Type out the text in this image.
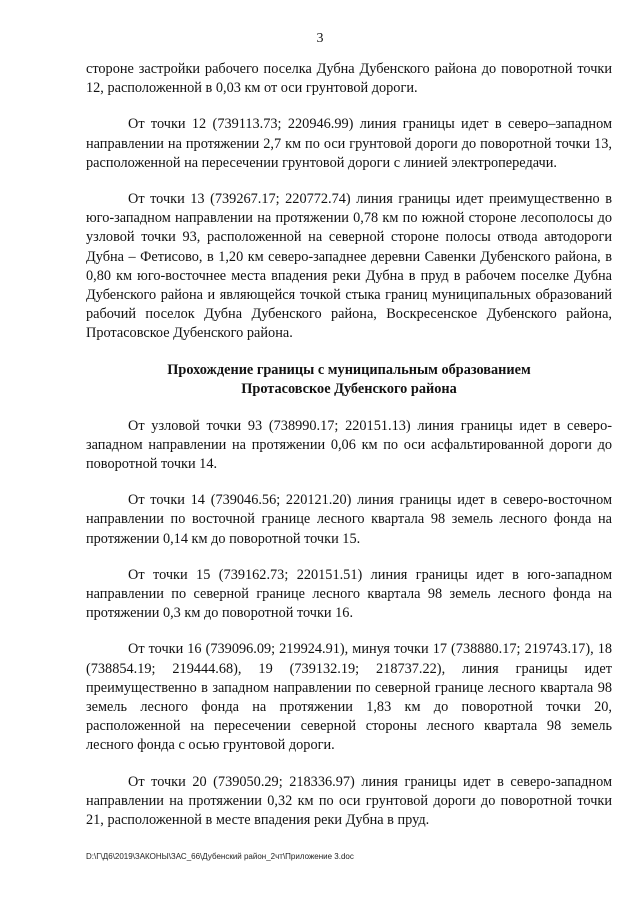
3

стороне застройки рабочего поселка Дубна Дубенского района до поворотной точки 12, расположенной в 0,03 км от оси грунтовой дороги.

От точки 12 (739113.73; 220946.99) линия границы идет в северо–западном направлении на протяжении 2,7 км по оси грунтовой дороги до поворотной точки 13, расположенной на пересечении грунтовой дороги с линией электропередачи.

От точки 13 (739267.17; 220772.74) линия границы идет преимущественно в юго-западном направлении на протяжении 0,78 км по южной стороне лесополосы до узловой точки 93, расположенной на северной стороне полосы отвода автодороги Дубна – Фетисово, в 1,20 км северо-западнее деревни Савенки Дубенского района, в 0,80 км юго-восточнее места впадения реки Дубна в пруд в рабочем поселке Дубна Дубенского района и являющейся точкой стыка границ муниципальных образований рабочий поселок Дубна Дубенского района, Воскресенское Дубенского района, Протасовское Дубенского района.

Прохождение границы с муниципальным образованием
Протасовское Дубенского района

От узловой точки 93 (738990.17; 220151.13) линия границы идет в северо-западном направлении на протяжении 0,06 км по оси асфальтированной дороги до поворотной точки 14.

От точки 14 (739046.56; 220121.20) линия границы идет в северо-восточном направлении по восточной границе лесного квартала 98 земель лесного фонда на протяжении 0,14 км до поворотной точки 15.

От точки 15 (739162.73; 220151.51) линия границы идет в юго-западном направлении по северной границе лесного квартала 98 земель лесного фонда на протяжении 0,3 км до поворотной точки 16.

От точки 16 (739096.09; 219924.91), минуя точки 17 (738880.17; 219743.17), 18 (738854.19; 219444.68), 19 (739132.19; 218737.22), линия границы идет преимущественно в западном направлении по северной границе лесного квартала 98 земель лесного фонда на протяжении 1,83 км до поворотной точки 20, расположенной на пересечении северной стороны лесного квартала 98 земель лесного фонда с осью грунтовой дороги.

От точки 20 (739050.29; 218336.97) линия границы идет в северо-западном направлении на протяжении 0,32 км по оси грунтовой дороги до поворотной точки 21, расположенной в месте впадения реки Дубна в пруд.

D:\Г\Д6\2019\ЗАКОНЫ\ЗАС_66\Дубенский район_2чт\Приложение 3.doc
